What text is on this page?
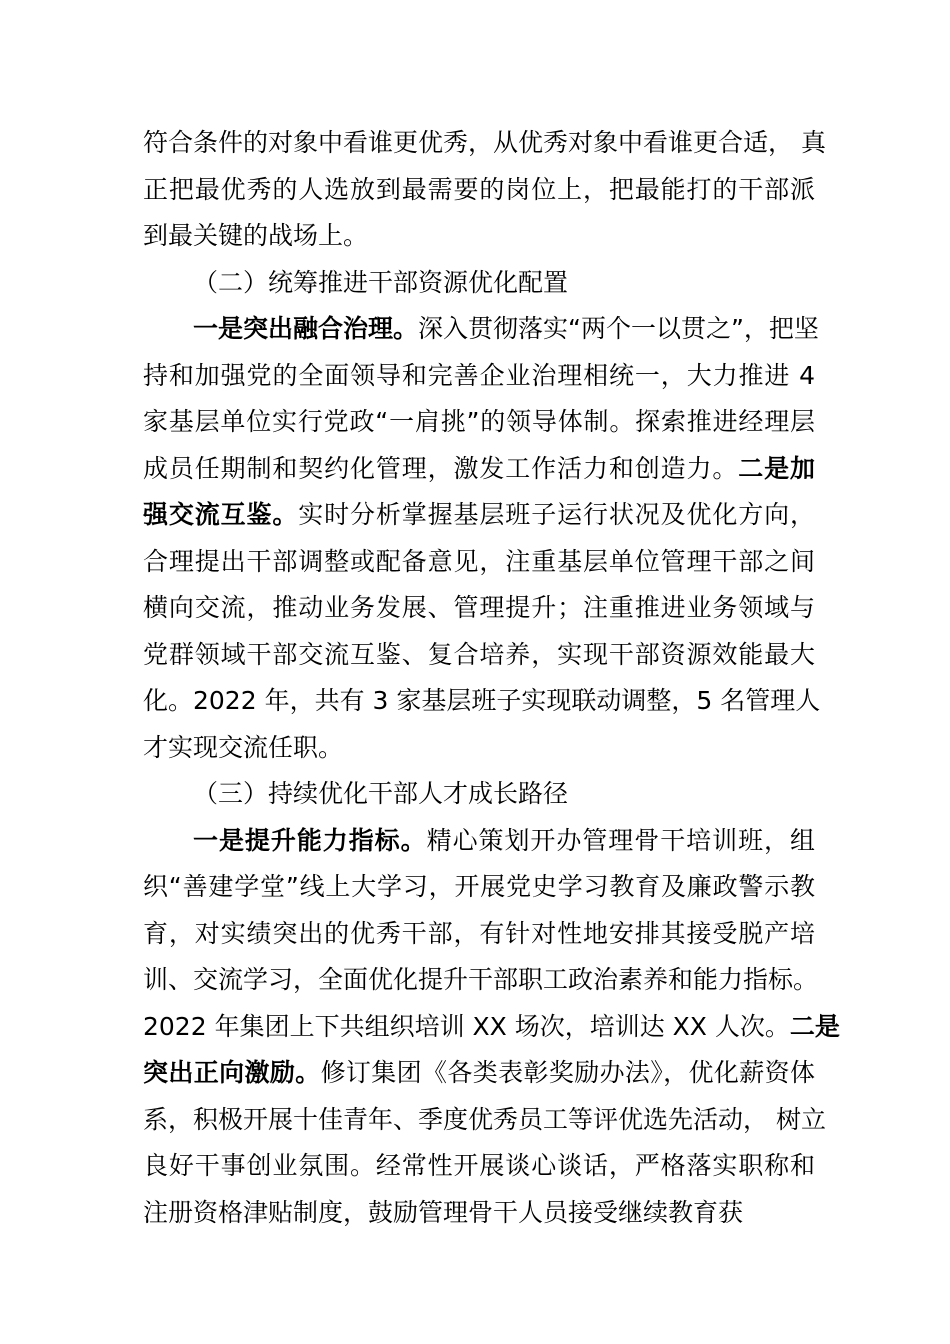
符合条件的对象中看谁更优秀，从优秀对象中看谁更合适， 真
正把最优秀的人选放到最需要的岗位上，把最能打的干部派
到最关键的战场上。
（二）统筹推进干部资源优化配置
一是突出融合治理。深入贯彻落实“两个一以贯之”，把坚
持和加强党的全面领导和完善企业治理相统一，大力推进 4
家基层单位实行党政“一肩挑”的领导体制。探索推进经理层
成员任期制和契约化管理，激发工作活力和创造力。二是加
强交流互鉴。实时分析掌握基层班子运行状况及优化方向，
合理提出干部调整或配备意见，注重基层单位管理干部之间
横向交流，推动业务发展、管理提升；注重推进业务领域与
党群领域干部交流互鉴、复合培养，实现干部资源效能最大
化。2022 年，共有 3 家基层班子实现联动调整，5 名管理人
才实现交流任职。
（三）持续优化干部人才成长路径
一是提升能力指标。精心策划开办管理骨干培训班，组
织“善建学堂”线上大学习，开展党史学习教育及廉政警示教
育，对实绩突出的优秀干部，有针对性地安排其接受脱产培
训、交流学习，全面优化提升干部职工政治素养和能力指标。
2022 年集团上下共组织培训 XX 场次，培训达 XX 人次。二是
突出正向激励。修订集团《各类表彰奖励办法》，优化薪资体
系，积极开展十佳青年、季度优秀员工等评优选先活动， 树立
良好干事创业氛围。经常性开展谈心谈话，严格落实职称和
注册资格津贴制度，鼓励管理骨干人员接受继续教育获
